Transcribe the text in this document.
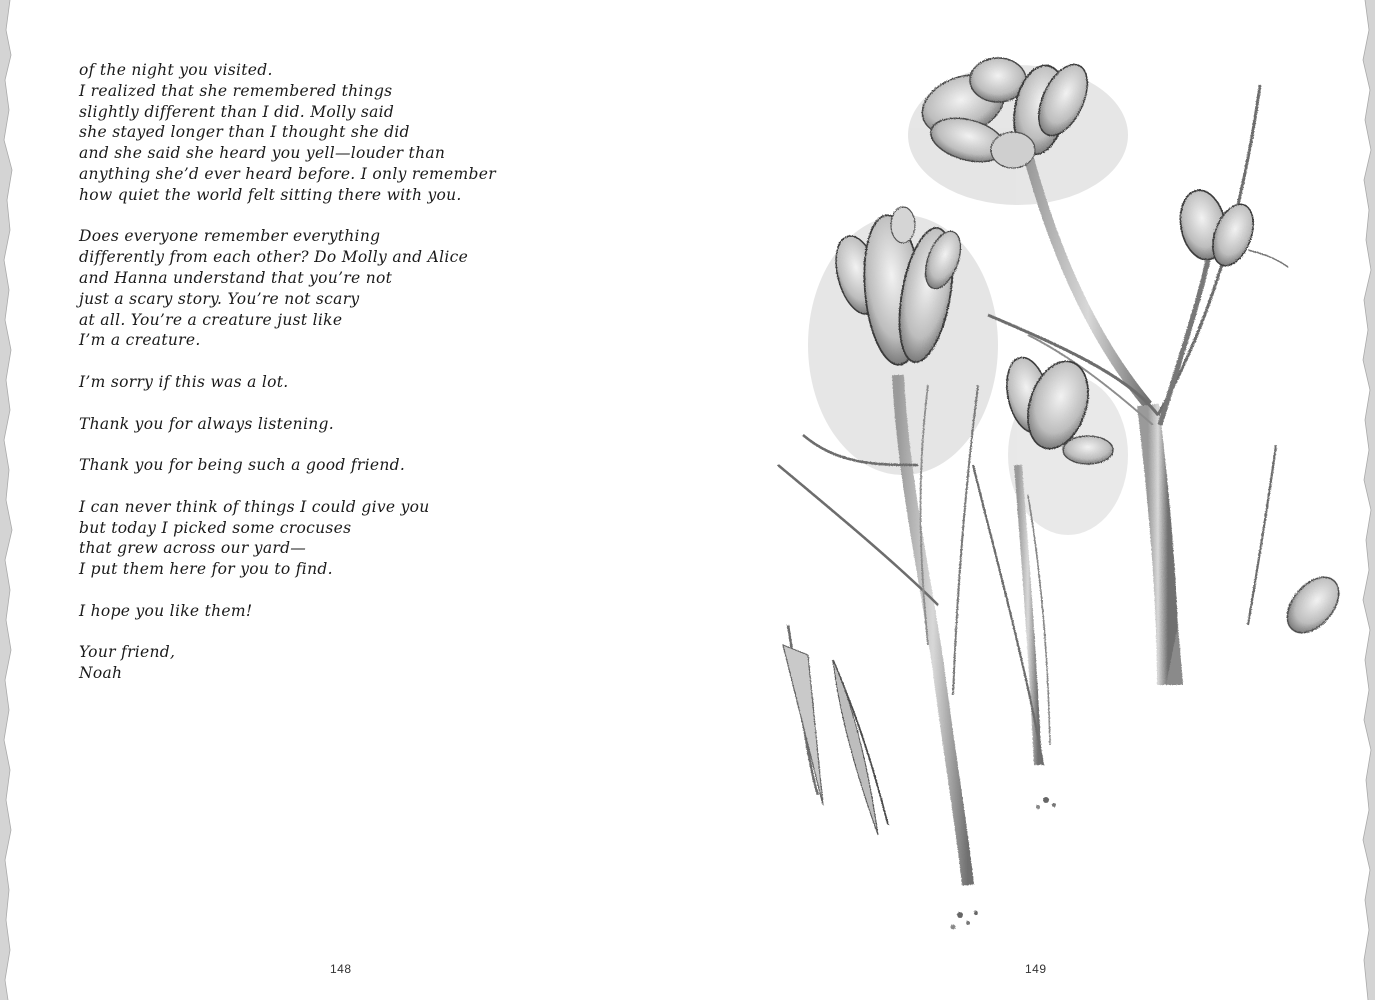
of the night you visited.
I realized that she remembered things
slightly different than I did. Molly said
she stayed longer than I thought she did
and she said she heard you yell—louder than
anything she’d ever heard before. I only remember
how quiet the world felt sitting there with you.
Does everyone remember everything
differently from each other? Do Molly and Alice
and Hanna understand that you’re not
just a scary story. You’re not scary
at all. You’re a creature just like
I’m a creature.
I’m sorry if this was a lot.
Thank you for always listening.
Thank you for being such a good friend.
I can never think of things I could give you
but today I picked some crocuses
that grew across our yard—
I put them here for you to find.
I hope you like them!
Your friend,
Noah
148	149
